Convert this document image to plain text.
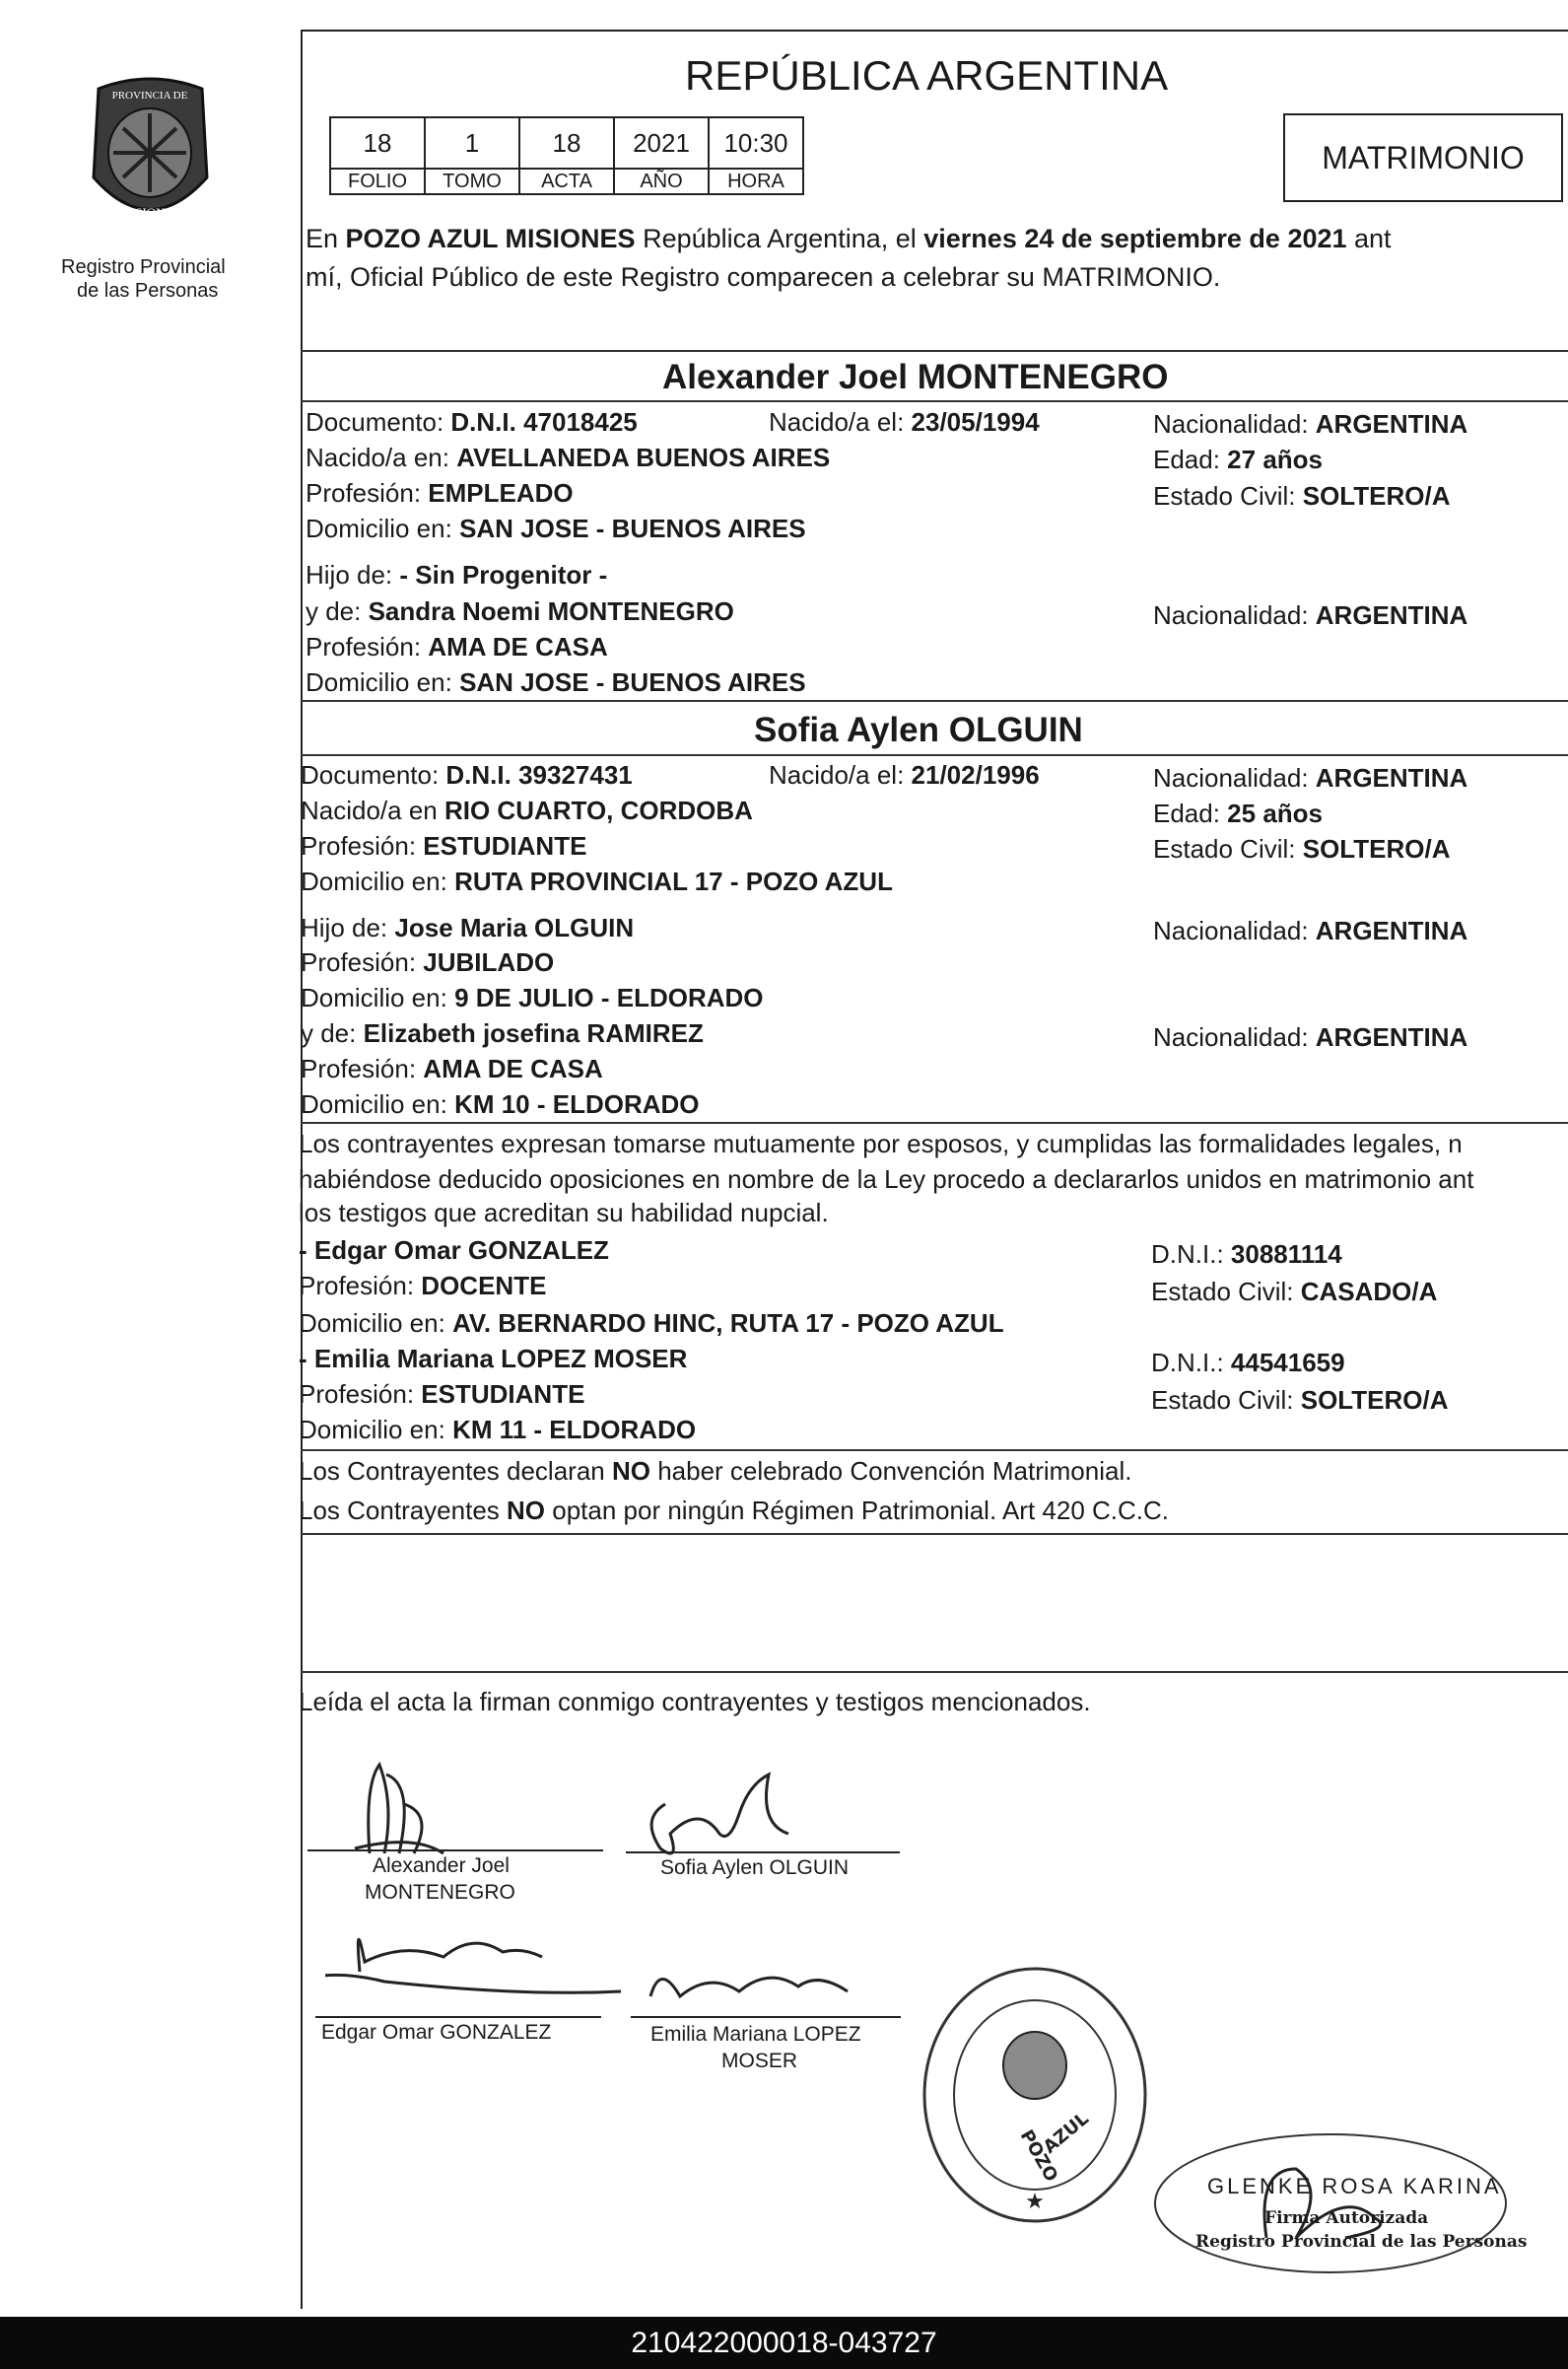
PROVINCIA DE
MISIONES
Registro Provincial
de las Personas
REPÚBLICA ARGENTINA
18	1	18	2021	10:30
FOLIO	TOMO	ACTA	AÑO	HORA
MATRIMONIO
En POZO AZUL MISIONES República Argentina, el viernes 24 de septiembre de 2021 ant
mí, Oficial Público de este Registro comparecen a celebrar su MATRIMONIO.
Alexander Joel MONTENEGRO
Documento: D.N.I. 47018425	Nacido/a el: 23/05/1994	Nacionalidad: ARGENTINA
Nacido/a en: AVELLANEDA BUENOS AIRES	Edad: 27 años
Profesión: EMPLEADO	Estado Civil: SOLTERO/A
Domicilio en: SAN JOSE - BUENOS AIRES
Hijo de: - Sin Progenitor -
y de: Sandra Noemi MONTENEGRO	Nacionalidad: ARGENTINA
Profesión: AMA DE CASA
Domicilio en: SAN JOSE - BUENOS AIRES
Sofia Aylen OLGUIN
Documento: D.N.I. 39327431	Nacido/a el: 21/02/1996	Nacionalidad: ARGENTINA
Nacido/a en RIO CUARTO, CORDOBA	Edad: 25 años
Profesión: ESTUDIANTE	Estado Civil: SOLTERO/A
Domicilio en: RUTA PROVINCIAL 17 - POZO AZUL
Hijo de: Jose Maria OLGUIN	Nacionalidad: ARGENTINA
Profesión: JUBILADO
Domicilio en: 9 DE JULIO - ELDORADO
y de: Elizabeth josefina RAMIREZ	Nacionalidad: ARGENTINA
Profesión: AMA DE CASA
Domicilio en: KM 10 - ELDORADO
Los contrayentes expresan tomarse mutuamente por esposos, y cumplidas las formalidades legales, n
habiéndose deducido oposiciones en nombre de la Ley procedo a declararlos unidos en matrimonio ant
los testigos que acreditan su habilidad nupcial.
- Edgar Omar GONZALEZ	D.N.I.: 30881114
Profesión: DOCENTE	Estado Civil: CASADO/A
Domicilio en: AV. BERNARDO HINC, RUTA 17 - POZO AZUL
- Emilia Mariana LOPEZ MOSER	D.N.I.: 44541659
Profesión: ESTUDIANTE	Estado Civil: SOLTERO/A
Domicilio en: KM 11 - ELDORADO
Los Contrayentes declaran NO haber celebrado Convención Matrimonial.
Los Contrayentes NO optan por ningún Régimen Patrimonial. Art 420 C.C.C.
Leída el acta la firman conmigo contrayentes y testigos mencionados.
Alexander Joel
MONTENEGRO
Sofia Aylen OLGUIN
Edgar Omar GONZALEZ	Emilia Mariana LOPEZ
MOSER
POZO
AZUL
★
GLENKE ROSA KARINA
Firma Autorizada
Registro Provincial de las Personas
210422000018-043727
